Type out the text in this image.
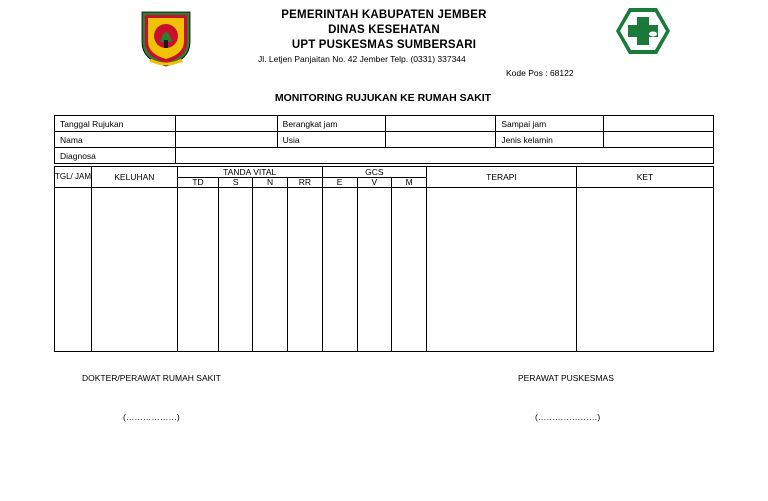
PEMERINTAH KABUPATEN JEMBER
DINAS KESEHATAN
UPT PUSKESMAS SUMBERSARI
Jl. Letjen Panjaitan No. 42 Jember Telp. (0331) 337344
Kode Pos : 68122
MONITORING RUJUKAN KE RUMAH SAKIT
Tanggal Rujukan		Berangkat jam		Sampai jam	
Nama		Usia		Jenis kelamin	
Diagnosa					
TGL/ JAM	KELUHAN	TANDA VITAL				GCS			TERAPI	KET
		TD	S	N	RR	E	V	M		

DOKTER/PERAWAT RUMAH SAKIT
(………………)
PERAWAT PUSKESMAS
(…………………)
